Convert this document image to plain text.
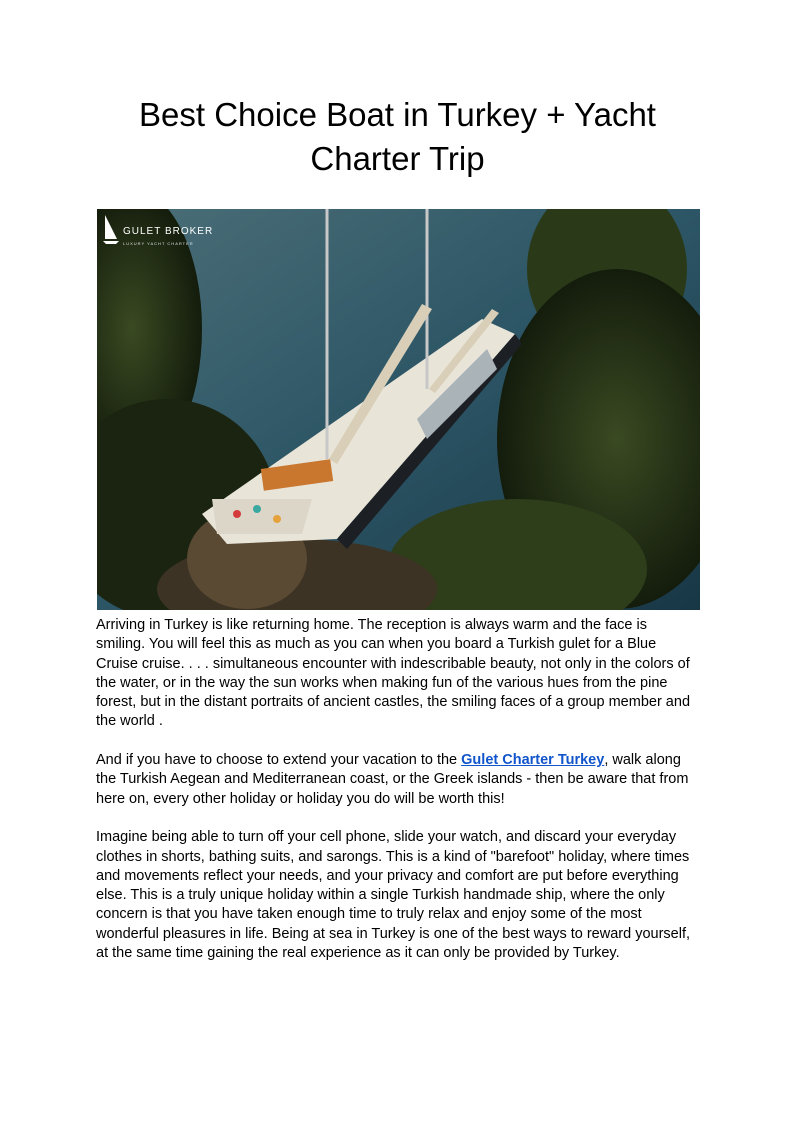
Best Choice Boat in Turkey + Yacht Charter Trip
GULET BROKER
LUXURY YACHT CHARTER

Arriving in Turkey is like returning home. The reception is always warm and the face is smiling. You will feel this as much as you can when you board a Turkish gulet for a Blue Cruise cruise. . . . simultaneous encounter with indescribable beauty, not only in the colors of the water, or in the way the sun works when making fun of the various hues from the pine forest, but in the distant portraits of ancient castles, the smiling faces of a group member and the world .

And if you have to choose to extend your vacation to the Gulet Charter Turkey, walk along the Turkish Aegean and Mediterranean coast, or the Greek islands - then be aware that from here on, every other holiday or holiday you do will be worth this!

Imagine being able to turn off your cell phone, slide your watch, and discard your everyday clothes in shorts, bathing suits, and sarongs. This is a kind of "barefoot" holiday, where times and movements reflect your needs, and your privacy and comfort are put before everything else. This is a truly unique holiday within a single Turkish handmade ship, where the only concern is that you have taken enough time to truly relax and enjoy some of the most wonderful pleasures in life. Being at sea in Turkey is one of the best ways to reward yourself, at the same time gaining the real experience as it can only be provided by Turkey.
